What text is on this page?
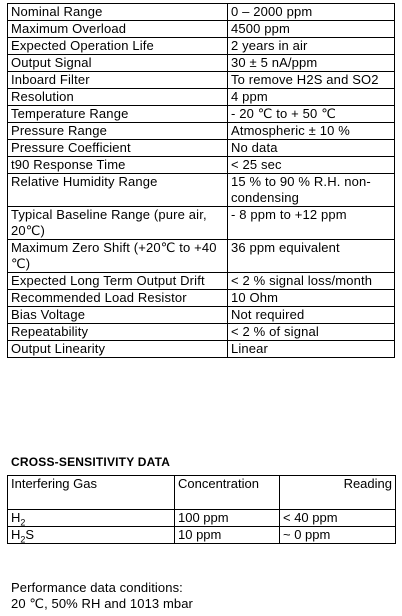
Nominal Range	0 – 2000 ppm
Maximum Overload	4500 ppm
Expected Operation Life	2 years in air
Output Signal	30 ± 5 nA/ppm
Inboard Filter	To remove H2S and SO2
Resolution	4 ppm
Temperature Range	- 20 ℃ to + 50 ℃
Pressure Range	Atmospheric ± 10 %
Pressure Coefficient	No data
t90 Response Time	< 25 sec
Relative Humidity Range	15 % to 90 % R.H. non-condensing
Typical Baseline Range (pure air, 20℃)	- 8 ppm to +12 ppm
Maximum Zero Shift (+20℃ to +40 ℃)	36 ppm equivalent
Expected Long Term Output Drift	< 2 % signal loss/month
Recommended Load Resistor	10 Ohm
Bias Voltage	Not required
Repeatability	< 2 % of signal
Output Linearity	Linear
CROSS-SENSITIVITY DATA
Interfering Gas	Concentration	Reading
$H_2$	100 ppm	< 40 ppm
$H_2S$	10 ppm	~ 0 ppm
Performance data conditions:
20 ℃, 50% RH and 1013 mbar
